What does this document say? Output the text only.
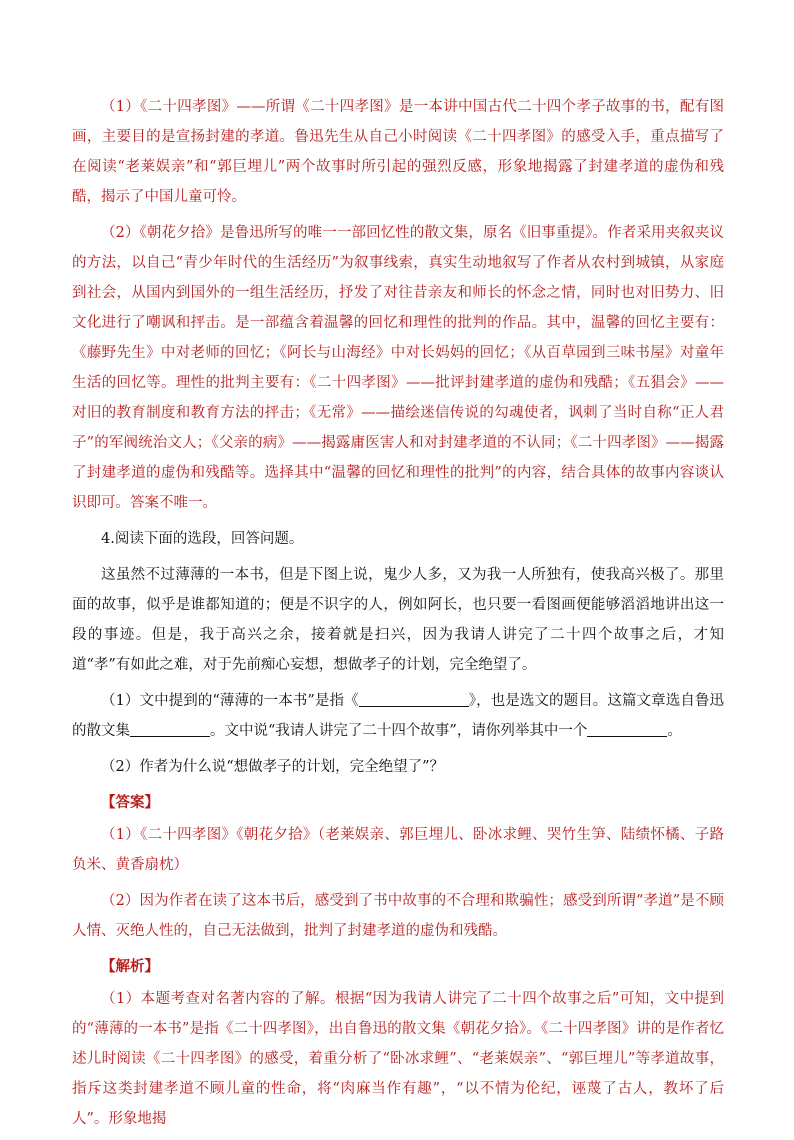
（1）《二十四孝图》——所谓《二十四孝图》是一本讲中国古代二十四个孝子故事的书，配有图画，主要目的是宣扬封建的孝道。鲁迅先生从自己小时阅读《二十四孝图》的感受入手，重点描写了在阅读“老莱娱亲”和“郭巨埋儿”两个故事时所引起的强烈反感，形象地揭露了封建孝道的虚伪和残酷，揭示了中国儿童可怜。

（2）《朝花夕拾》是鲁迅所写的唯一一部回忆性的散文集，原名《旧事重提》。作者采用夹叙夹议的方法，以自己“青少年时代的生活经历”为叙事线索，真实生动地叙写了作者从农村到城镇，从家庭到社会，从国内到国外的一组生活经历，抒发了对往昔亲友和师长的怀念之情，同时也对旧势力、旧文化进行了嘲讽和抨击。是一部蕴含着温馨的回忆和理性的批判的作品。其中，温馨的回忆主要有：《藤野先生》中对老师的回忆；《阿长与山海经》中对长妈妈的回忆；《从百草园到三味书屋》对童年生活的回忆等。理性的批判主要有：《二十四孝图》——批评封建孝道的虚伪和残酷；《五猖会》——对旧的教育制度和教育方法的抨击；《无常》——描绘迷信传说的勾魂使者，讽刺了当时自称“正人君子”的军阀统治文人；《父亲的病》——揭露庸医害人和对封建孝道的不认同；《二十四孝图》——揭露了封建孝道的虚伪和残酷等。选择其中“温馨的回忆和理性的批判”的内容，结合具体的故事内容谈认识即可。答案不唯一。

4.阅读下面的选段，回答问题。

这虽然不过薄薄的一本书，但是下图上说，鬼少人多，又为我一人所独有，使我高兴极了。那里面的故事，似乎是谁都知道的；便是不识字的人，例如阿长，也只要一看图画便能够滔滔地讲出这一段的事迹。但是，我于高兴之余，接着就是扫兴，因为我请人讲完了二十四个故事之后，才知道“孝”有如此之难，对于先前痴心妄想，想做孝子的计划，完全绝望了。

（1）文中提到的“薄薄的一本书”是指《	》，也是选文的题目。这篇文章选自鲁迅的散文集	。文中说“我请人讲完了二十四个故事”，请你列举其中一个	。

（2）作者为什么说“想做孝子的计划，完全绝望了”？

【答案】

（1）《二十四孝图》《朝花夕拾》（老莱娱亲、郭巨埋儿、卧冰求鲤、哭竹生笋、陆绩怀橘、子路负米、黄香扇枕）

（2）因为作者在读了这本书后，感受到了书中故事的不合理和欺骗性；感受到所谓“孝道”是不顾人情、灭绝人性的，自己无法做到，批判了封建孝道的虚伪和残酷。

【解析】

（1）本题考查对名著内容的了解。根据“因为我请人讲完了二十四个故事之后”可知，文中提到的“薄薄的一本书”是指《二十四孝图》，出自鲁迅的散文集《朝花夕拾》。《二十四孝图》讲的是作者忆述儿时阅读《二十四孝图》的感受，着重分析了“卧冰求鲤”、“老莱娱亲”、“郭巨埋儿”等孝道故事，指斥这类封建孝道不顾儿童的性命，将“肉麻当作有趣”，“以不情为伦纪，诬蔑了古人，教坏了后人”。形象地揭
